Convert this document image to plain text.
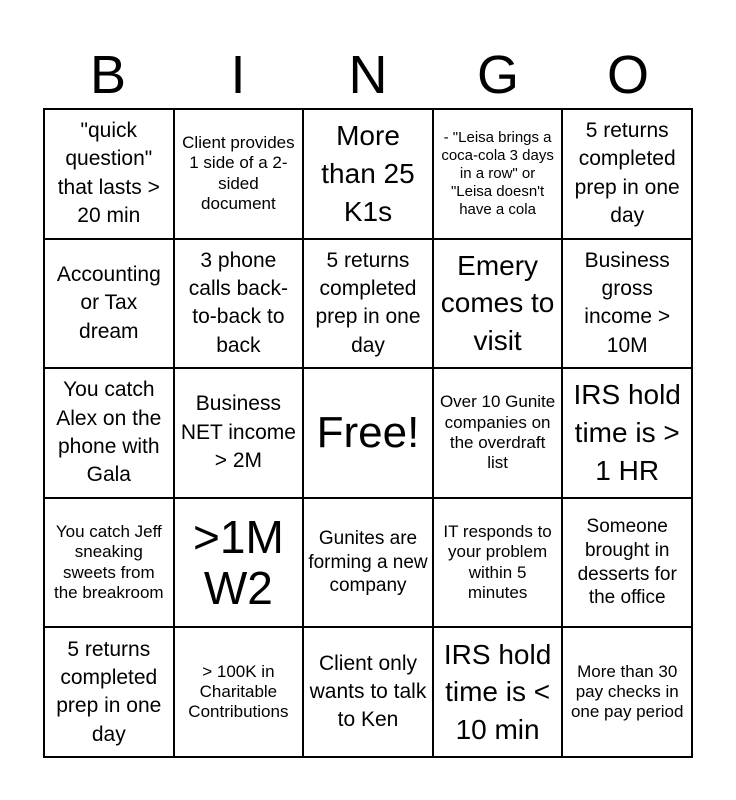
B	I	N	G	O
"quick question" that lasts > 20 min
Client provides 1 side of a 2-sided document
More than 25 K1s
- "Leisa brings a coca-cola 3 days in a row" or "Leisa doesn't have a cola
5 returns completed prep in one day
Accounting or Tax dream
3 phone calls back-to-back to back
5 returns completed prep in one day
Emery comes to visit
Business gross income > 10M
You catch Alex on the phone with Gala
Business NET income > 2M
Free!
Over 10 Gunite companies on the overdraft list
IRS hold time is > 1 HR
You catch Jeff sneaking sweets from the breakroom
>1M W2
Gunites are forming a new company
IT responds to your problem within 5 minutes
Someone brought in desserts for the office
5 returns completed prep in one day
> 100K in Charitable Contributions
Client only wants to talk to Ken
IRS hold time is < 10 min
More than 30 pay checks in one pay period
